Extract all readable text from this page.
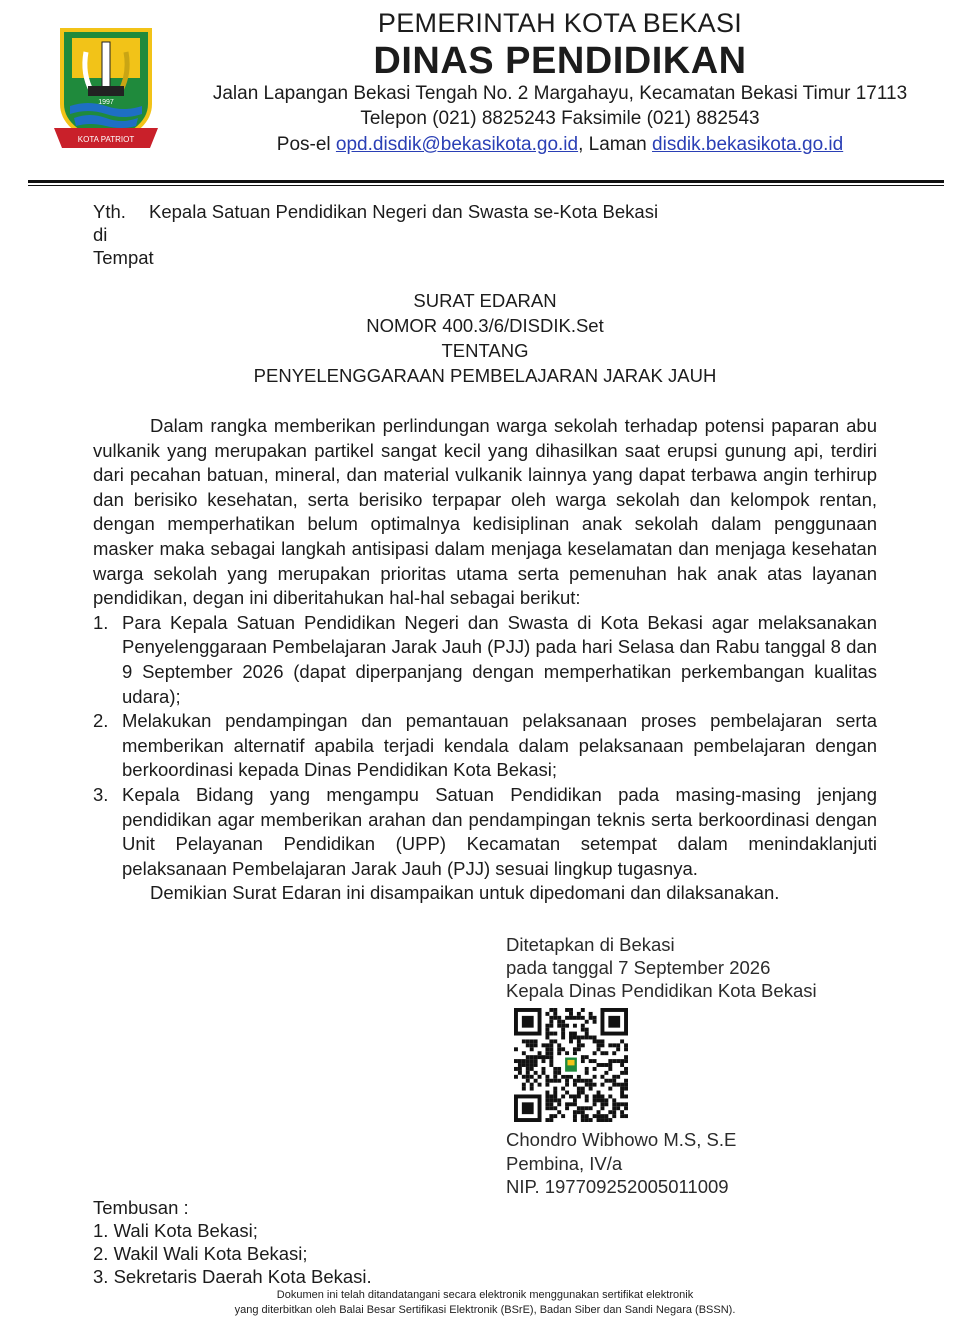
KOTA PATRIOT
1997
PEMERINTAH KOTA BEKASI
DINAS PENDIDIKAN
Jalan Lapangan Bekasi Tengah No. 2 Margahayu, Kecamatan Bekasi Timur 17113
Telepon (021) 8825243 Faksimile (021) 882543
Pos-el opd.disdik@bekasikota.go.id, Laman disdik.bekasikota.go.id
Yth. Kepala Satuan Pendidikan Negeri dan Swasta se-Kota Bekasi
di
Tempat
SURAT EDARAN
NOMOR 400.3/6/DISDIK.Set
TENTANG
PENYELENGGARAAN PEMBELAJARAN JARAK JAUH

Dalam rangka memberikan perlindungan warga sekolah terhadap potensi paparan abu vulkanik yang merupakan partikel sangat kecil yang dihasilkan saat erupsi gunung api, terdiri dari pecahan batuan, mineral, dan material vulkanik lainnya yang dapat terbawa angin terhirup dan berisiko kesehatan, serta berisiko terpapar oleh warga sekolah dan kelompok rentan, dengan memperhatikan belum optimalnya kedisiplinan anak sekolah dalam penggunaan masker maka sebagai langkah antisipasi dalam menjaga keselamatan dan menjaga kesehatan warga sekolah yang merupakan prioritas utama serta pemenuhan hak anak atas layanan pendidikan, degan ini diberitahukan hal-hal sebagai berikut:

1. Para Kepala Satuan Pendidikan Negeri dan Swasta di Kota Bekasi agar melaksanakan Penyelenggaraan Pembelajaran Jarak Jauh (PJJ) pada hari Selasa dan Rabu tanggal 8 dan 9 September 2026 (dapat diperpanjang dengan memperhatikan perkembangan kualitas udara);
2. Melakukan pendampingan dan pemantauan pelaksanaan proses pembelajaran serta memberikan alternatif apabila terjadi kendala dalam pelaksanaan pembelajaran dengan berkoordinasi kepada Dinas Pendidikan Kota Bekasi;
3. Kepala Bidang yang mengampu Satuan Pendidikan pada masing-masing jenjang pendidikan agar memberikan arahan dan pendampingan teknis serta berkoordinasi dengan Unit Pelayanan Pendidikan (UPP) Kecamatan setempat dalam menindaklanjuti pelaksanaan Pembelajaran Jarak Jauh (PJJ) sesuai lingkup tugasnya.

Demikian Surat Edaran ini disampaikan untuk dipedomani dan dilaksanakan.

Ditetapkan di Bekasi
pada tanggal 7 September 2026
Kepala Dinas Pendidikan Kota Bekasi
Chondro Wibhowo M.S, S.E
Pembina, IV/a
NIP. 197709252005011009
Tembusan :
1. Wali Kota Bekasi;
2. Wakil Wali Kota Bekasi;
3. Sekretaris Daerah Kota Bekasi.
Dokumen ini telah ditandatangani secara elektronik menggunakan sertifikat elektronik
yang diterbitkan oleh Balai Besar Sertifikasi Elektronik (BSrE), Badan Siber dan Sandi Negara (BSSN).
